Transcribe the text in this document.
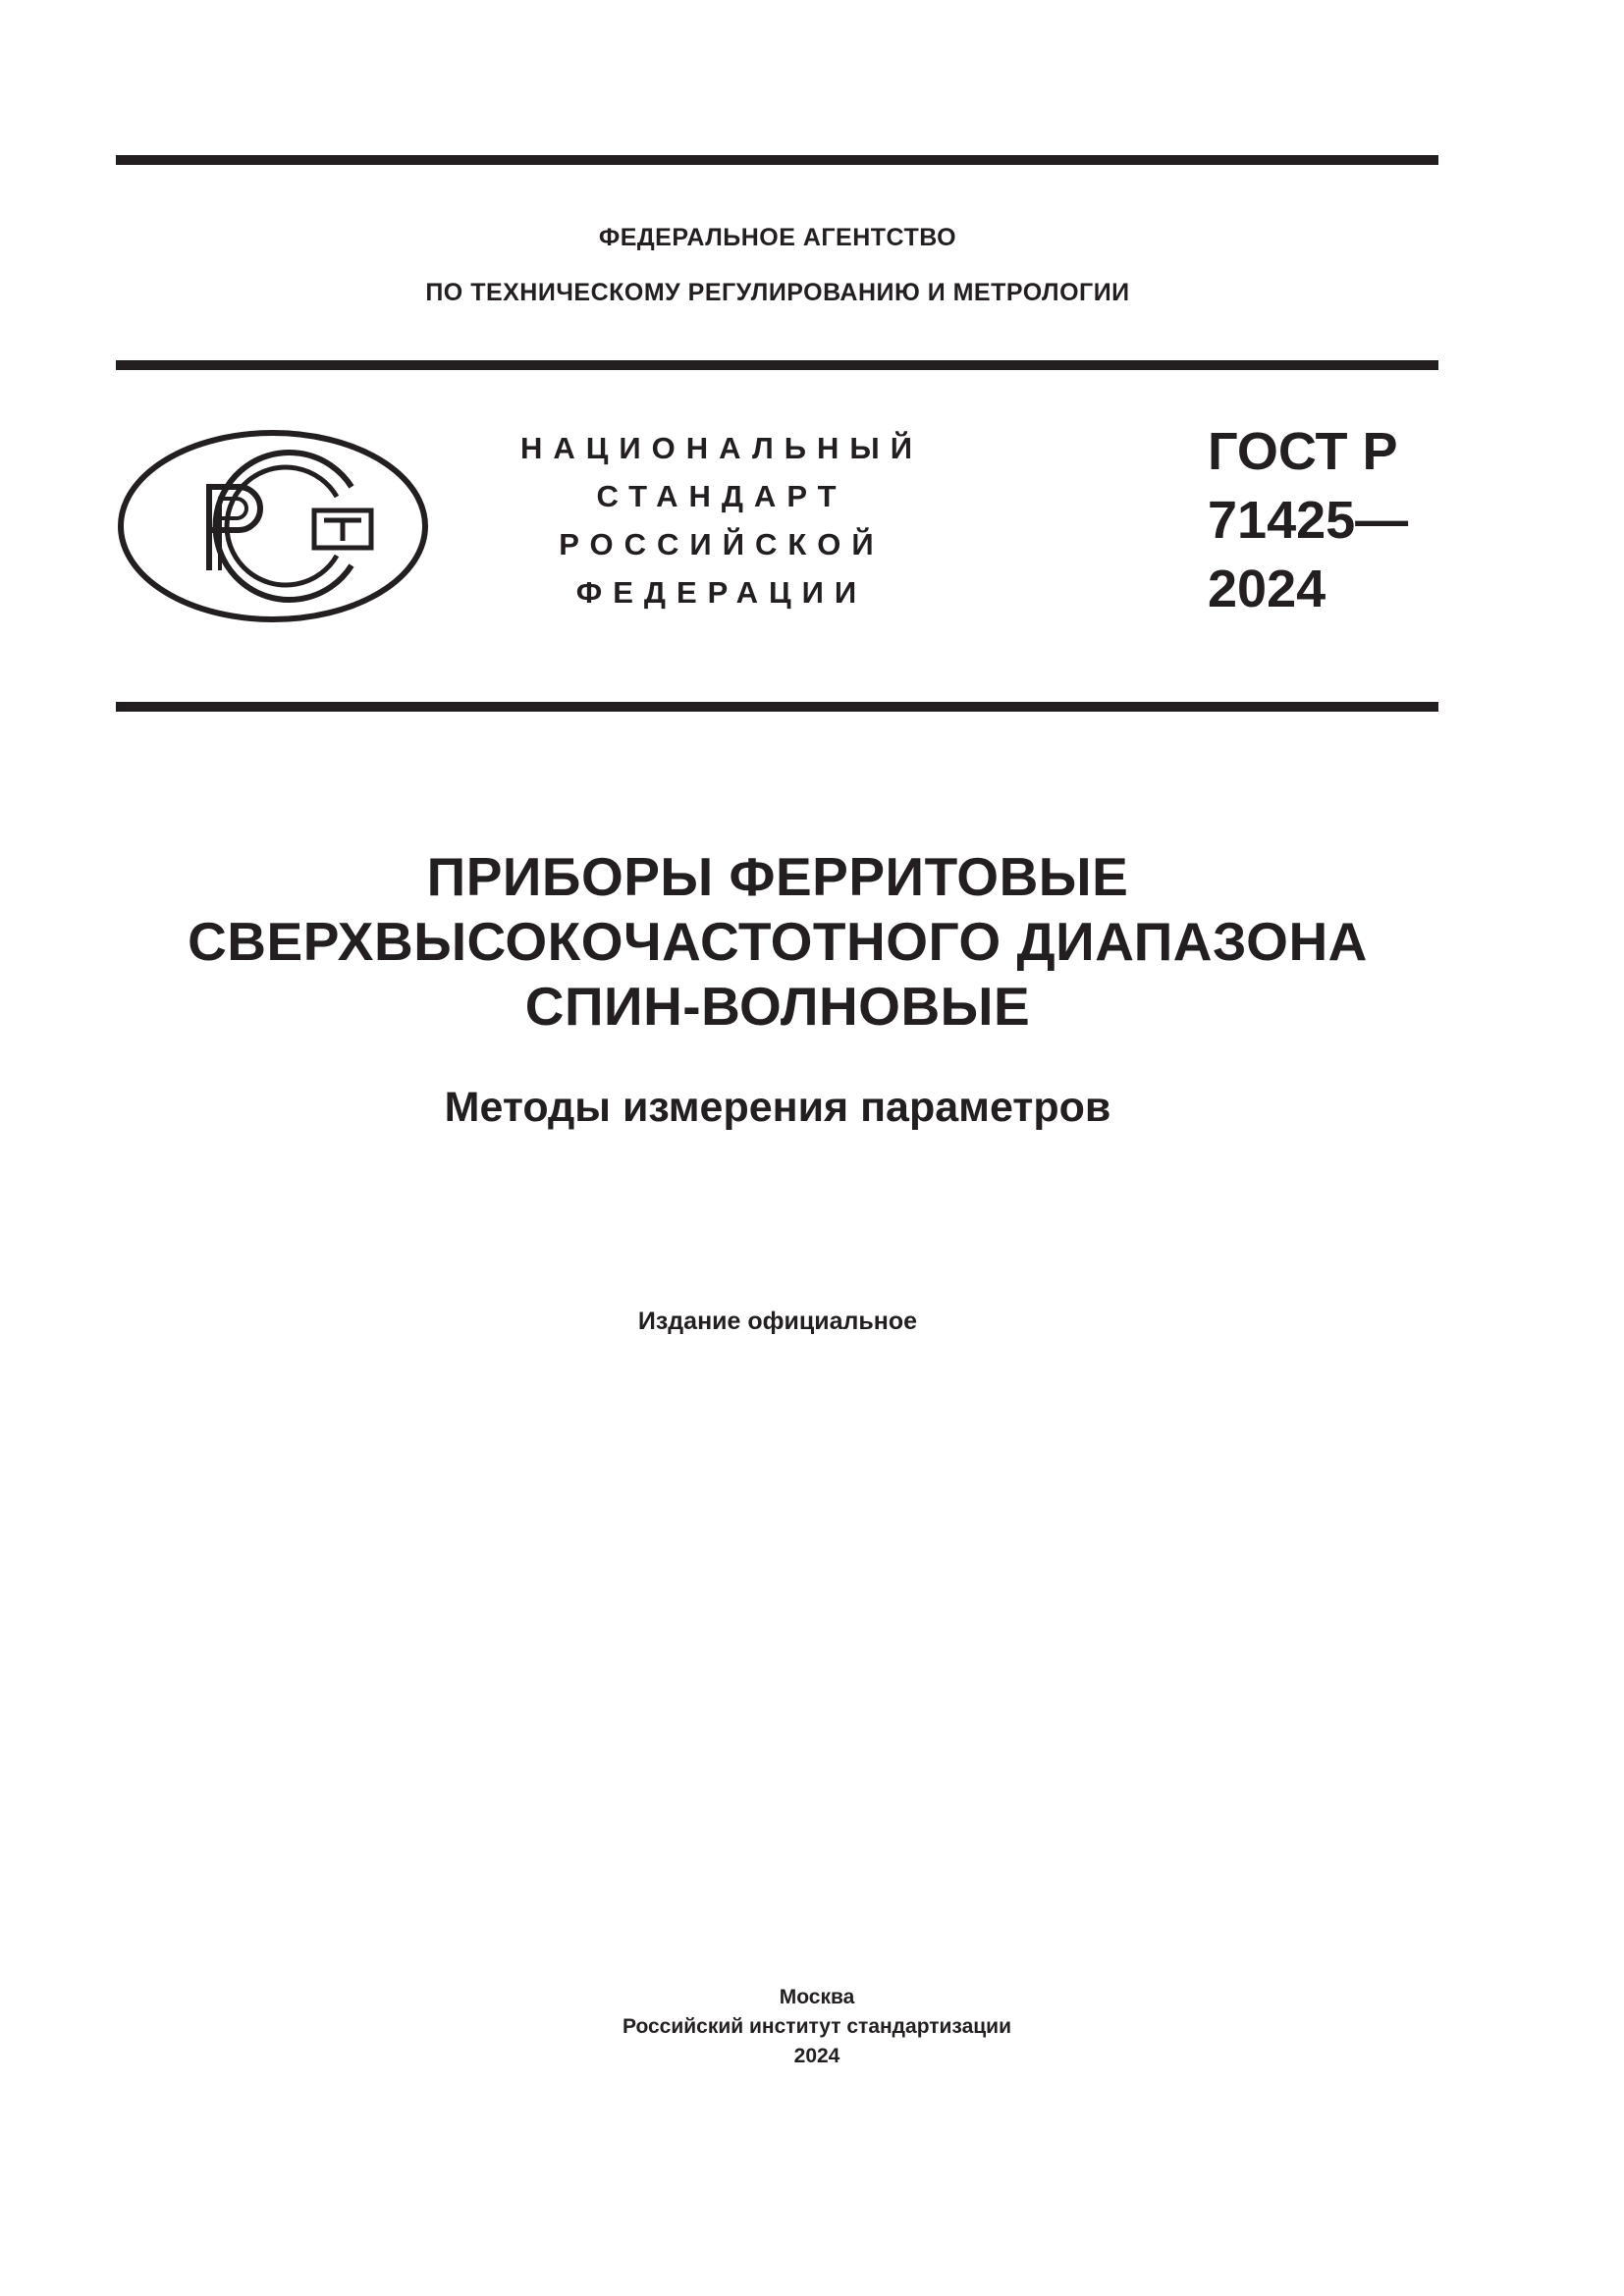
ФЕДЕРАЛЬНОЕ АГЕНТСТВО
ПО ТЕХНИЧЕСКОМУ РЕГУЛИРОВАНИЮ И МЕТРОЛОГИИ
НАЦИОНАЛЬНЫЙ
СТАНДАРТ
РОССИЙСКОЙ
ФЕДЕРАЦИИ
ГОСТ Р
71425—
2024
ПРИБОРЫ ФЕРРИТОВЫЕ
СВЕРХВЫСОКОЧАСТОТНОГО ДИАПАЗОНА
СПИН-ВОЛНОВЫЕ
Методы измерения параметров
Издание официальное
Москва
Российский институт стандартизации
2024
